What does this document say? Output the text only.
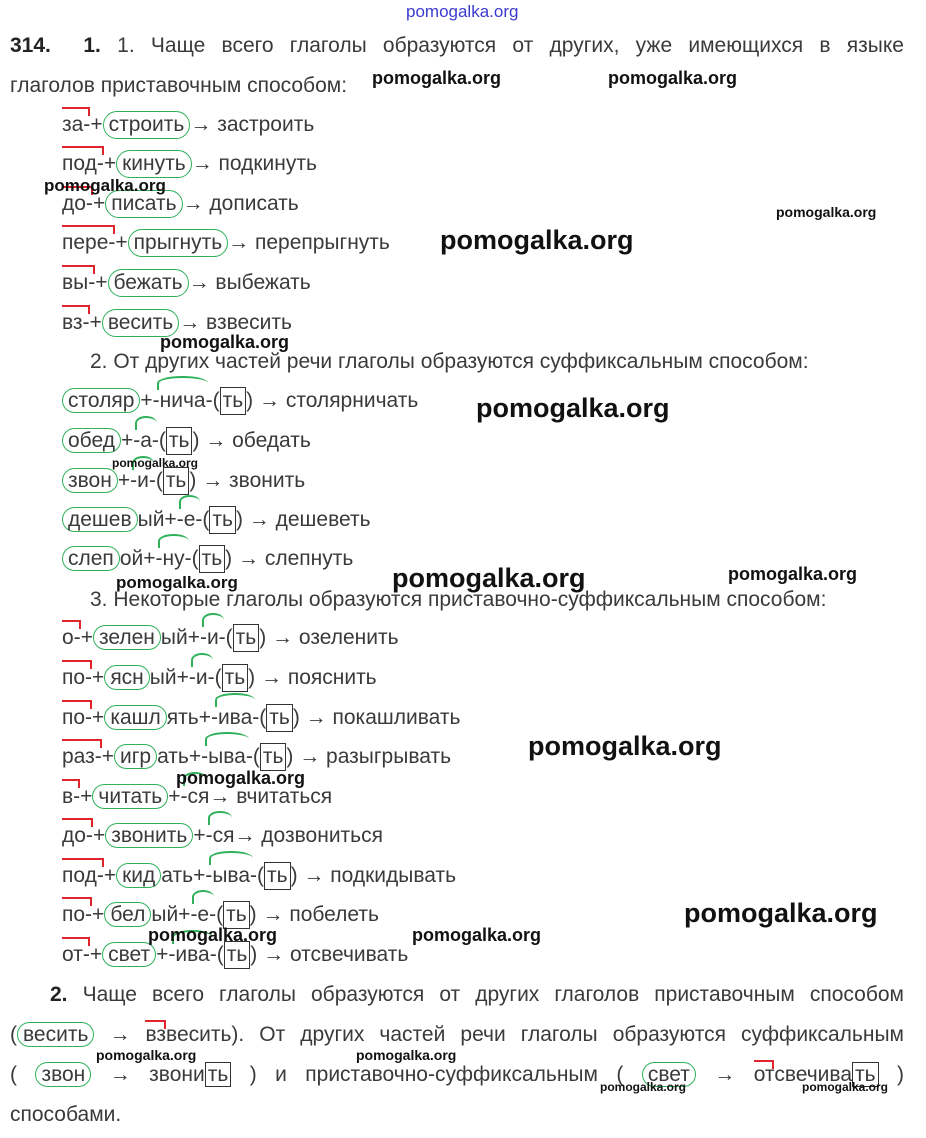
pomogalka.org
314. 1. 1. Чаще всего глаголы образуются от других, уже имеющихся в языке
глаголов приставочным способом:
за-+строить → застроить
под-+кинуть → подкинуть
до-+писать → дописать
пере-+прыгнуть → перепрыгнуть
вы-+бежать → выбежать
вз-+весить → взвесить
2. От других частей речи глаголы образуются суффиксальным способом:
столяр+-нича-(ть ) → столярничать
обед+-а-(ть ) → обедать
звон+-и-(ть ) → звонить
дешев ый+-е-(ть ) → дешеветь
слеп ой+-ну-(ть ) → слепнуть
3. Некоторые глаголы образуются приставочно-суффиксальным способом:
о-+зелен ый+-и-(ть ) → озеленить
по-+ясн ый+-и-(ть ) → пояснить
по-+кашл ять+-ива-(ть ) → покашливать
раз-+игр ать+-ыва-(ть ) → разыгрывать
в-+читать+-ся→ вчитаться
до-+звонить+-ся→ дозвониться
под-+кид ать+-ыва-(ть ) → подкидывать
по-+бел ый+-е-(ть ) → побелеть
от-+свет+-ива-(ть ) → отсвечивать
2. Чаще всего глаголы образуются от других глаголов приставочным способом
( весить → взвесить). От других частей речи глаголы образуются суффиксальным
( звон → звони ть ) и приставочно-суффиксальным ( свет → отсвечива ть )
способами.
pomogalka.org	pomogalka.org
pomogalka.org
pomogalka.org
pomogalka.org
pomogalka.org
pomogalka.org
pomogalka.org
pomogalka.org
pomogalka.org	pomogalka.org
pomogalka.org
pomogalka.org
pomogalka.org
pomogalka.org	pomogalka.org
pomogalka.org	pomogalka.org
pomogalka.org	pomogalka.org
